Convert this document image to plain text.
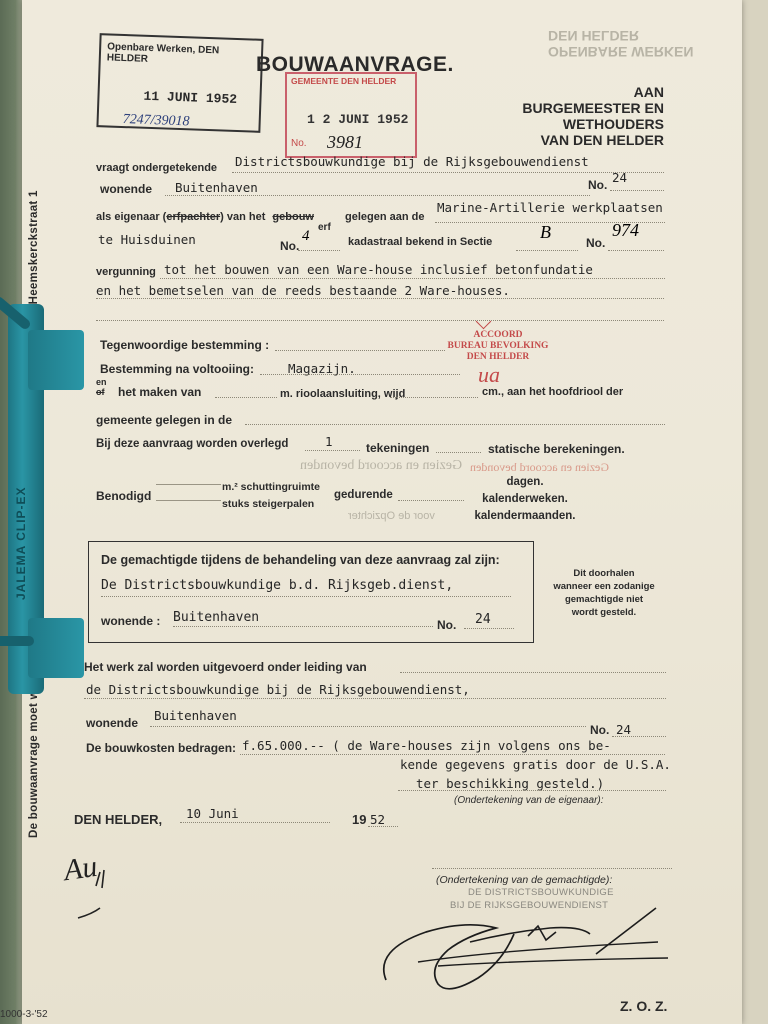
Openbare Werken, DEN HELDER
11 JUNI 1952
7247/39018
GEMEENTE DEN HELDER
1 2 JUNI 1952
No. 3981
OPENBARE WERKEN
DEN HELDER
BOUWAANVRAGE.
AAN
BURGEMEESTER EN WETHOUDERS
VAN DEN HELDER
vraagt ondergetekende Districtsbouwkundige bij de Rijksgebouwendienst
wonende Buitenhaven	No. 24
als eigenaar (erfpachter) van het gebouw
erf
gelegen aan de
Marine-Artillerie werkplaatsen
te Huisduinen	No.
4	kadastraal bekend in Sectie	B
No.
974
vergunning tot het bouwen van een Ware-house inclusief betonfundatie
en het bemetselen van de reeds bestaande 2 Ware-houses.
Tegenwoordige bestemming :
ACCOORD
BUREAU BEVOLKING
DEN HELDER
ua
Bestemming na voltooiing:	Magazijn.
en
of het maken van	m. rioolaansluiting, wijd	cm., aan het hoofdriool der
gemeente gelegen in de
Bij deze aanvraag worden overlegd	1	tekeningen	statische berekeningen.
Benodigd
m.² schuttingruimte
stuks steigerpalen
gedurende
dagen.
kalenderweken.
kalendermaanden.
Gezien en accoord bevonden Gezien en accoord bevonden
voor de Opzichter
De gemachtigde tijdens de behandeling van deze aanvraag zal zijn:
De Districtsbouwkundige b.d. Rijksgeb.dienst,
wonende : Buitenhaven	No. 24
Dit doorhalen
wanneer een zodanige
gemachtigde niet
wordt gesteld.
Het werk zal worden uitgevoerd onder leiding van
de Districtsbouwkundige bij de Rijksgebouwendienst,
wonende Buitenhaven
No. 24
De bouwkosten bedragen: f.65.000.-- ( de Ware-houses zijn volgens ons be-
kende gegevens gratis door de U.S.A.
ter beschikking gesteld.)
(Ondertekening van de eigenaar):
DEN HELDER, 10 Juni	19 52
Au	(Ondertekening van de gemachtigde):
DE DISTRICTSBOUWKUNDIGE
BIJ DE RIJKSGEBOUWENDIENST
Z. O. Z.
1000-3-'52
JALEMA CLIP-EX
